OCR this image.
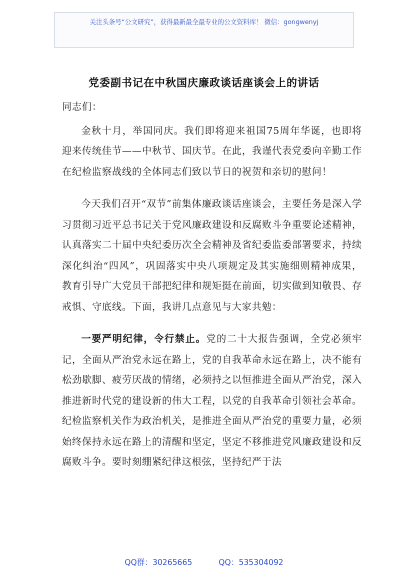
关注头条号“公文研究”，获得最新最全最专业的公文资料库！ 微信：gongwenyj
党委副书记在中秋国庆廉政谈话座谈会上的讲话

同志们：

金秋十月，举国同庆。我们即将迎来祖国75周年华诞，也即将迎来传统佳节——中秋节、国庆节。在此，我谨代表党委向辛勤工作在纪检监察战线的全体同志们致以节日的祝贺和亲切的慰问！

今天我们召开“双节”前集体廉政谈话座谈会，主要任务是深入学习贯彻习近平总书记关于党风廉政建设和反腐败斗争重要论述精神，认真落实二十届中央纪委历次全会精神及省纪委监委部署要求，持续深化纠治“四风”，巩固落实中央八项规定及其实施细则精神成果，教育引导广大党员干部把纪律和规矩挺在前面，切实做到知敬畏、存戒惧、守底线。下面，我讲几点意见与大家共勉：

一要严明纪律，令行禁止。党的二十大报告强调，全党必须牢记，全面从严治党永远在路上，党的自我革命永远在路上，决不能有松劲歇脚、疲劳厌战的情绪，必须持之以恒推进全面从严治党，深入推进新时代党的建设新的伟大工程，以党的自我革命引领社会革命。纪检监察机关作为政治机关，是推进全面从严治党的重要力量，必须始终保持永远在路上的清醒和坚定，坚定不移推进党风廉政建设和反腐败斗争。要时刻绷紧纪律这根弦，坚持纪严于法

QQ群：30265665	QQ：535304092
